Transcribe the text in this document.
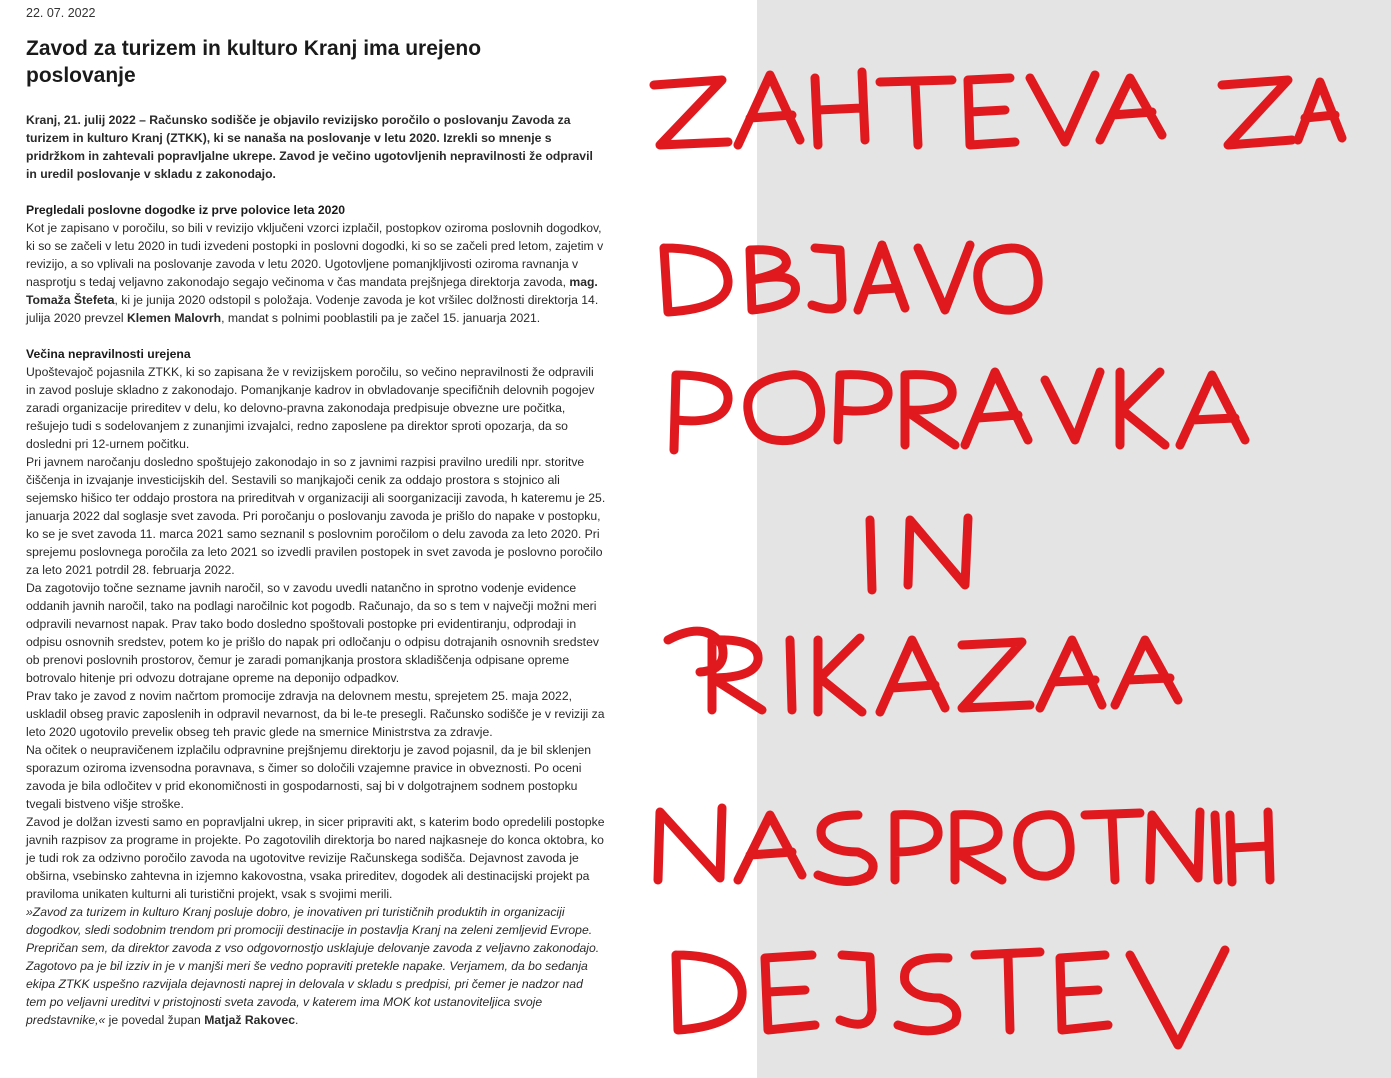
22. 07. 2022
Zavod za turizem in kulturo Kranj ima urejeno poslovanje

Kranj, 21. julij 2022 – Računsko sodišče je objavilo revizijsko poročilo o poslovanju Zavoda za turizem in kulturo Kranj (ZTKK), ki se nanaša na poslovanje v letu 2020. Izrekli so mnenje s pridržkom in zahtevali popravljalne ukrepe. Zavod je večino ugotovljenih nepravilnosti že odpravil in uredil poslovanje v skladu z zakonodajo.

Pregledali poslovne dogodke iz prve polovice leta 2020

Kot je zapisano v poročilu, so bili v revizijo vključeni vzorci izplačil, postopkov oziroma poslovnih dogodkov, ki so se začeli v letu 2020 in tudi izvedeni postopki in poslovni dogodki, ki so se začeli pred letom, zajetim v revizijo, a so vplivali na poslovanje zavoda v letu 2020. Ugotovljene pomanjkljivosti oziroma ravnanja v nasprotju s tedaj veljavno zakonodajo segajo večinoma v čas mandata prejšnjega direktorja zavoda, mag. Tomaža Štefeta, ki je junija 2020 odstopil s položaja. Vodenje zavoda je kot vršilec dolžnosti direktorja 14. julija 2020 prevzel Klemen Malovrh, mandat s polnimi pooblastili pa je začel 15. januarja 2021.

Večina nepravilnosti urejena

Upoštevajoč pojasnila ZTKK, ki so zapisana že v revizijskem poročilu, so večino nepravilnosti že odpravili in zavod posluje skladno z zakonodajo. Pomanjkanje kadrov in obvladovanje specifičnih delovnih pogojev zaradi organizacije prireditev v delu, ko delovno-pravna zakonodaja predpisuje obvezne ure počitka, rešujejo tudi s sodelovanjem z zunanjimi izvajalci, redno zaposlene pa direktor sproti opozarja, da so dosledni pri 12-urnem počitku.

Pri javnem naročanju dosledno spoštujejo zakonodajo in so z javnimi razpisi pravilno uredili npr. storitve čiščenja in izvajanje investicijskih del. Sestavili so manjkajoči cenik za oddajo prostora s stojnico ali sejemsko hišico ter oddajo prostora na prireditvah v organizaciji ali soorganizaciji zavoda, h kateremu je 25. januarja 2022 dal soglasje svet zavoda. Pri poročanju o poslovanju zavoda je prišlo do napake v postopku, ko se je svet zavoda 11. marca 2021 samo seznanil s poslovnim poročilom o delu zavoda za leto 2020. Pri sprejemu poslovnega poročila za leto 2021 so izvedli pravilen postopek in svet zavoda je poslovno poročilo za leto 2021 potrdil 28. februarja 2022.

Da zagotovijo točne sezname javnih naročil, so v zavodu uvedli natančno in sprotno vodenje evidence oddanih javnih naročil, tako na podlagi naročilnic kot pogodb. Računajo, da so s tem v največji možni meri odpravili nevarnost napak. Prav tako bodo dosledno spoštovali postopke pri evidentiranju, odprodaji in odpisu osnovnih sredstev, potem ko je prišlo do napak pri odločanju o odpisu dotrajanih osnovnih sredstev ob prenovi poslovnih prostorov, čemur je zaradi pomanjkanja prostora skladiščenja odpisane opreme botrovalo hitenje pri odvozu dotrajane opreme na deponijo odpadkov.

Prav tako je zavod z novim načrtom promocije zdravja na delovnem mestu, sprejetem 25. maja 2022, uskladil obseg pravic zaposlenih in odpravil nevarnost, da bi le-te presegli. Računsko sodišče je v reviziji za leto 2020 ugotovilo preveliк obseg teh pravic glede na smernice Ministrstva za zdravje.

Na očitek o neupravičenem izplačilu odpravnine prejšnjemu direktorju je zavod pojasnil, da je bil sklenjen sporazum oziroma izvensodna poravnava, s čimer so določili vzajemne pravice in obveznosti. Po oceni zavoda je bila odločitev v prid ekonomičnosti in gospodarnosti, saj bi v dolgotrajnem sodnem postopku tvegali bistveno višje stroške.

Zavod je dolžan izvesti samo en popravljalni ukrep, in sicer pripraviti akt, s katerim bodo opredelili postopke javnih razpisov za programe in projekte. Po zagotovilih direktorja bo nared najkasneje do konca oktobra, ko je tudi rok za odzivno poročilo zavoda na ugotovitve revizije Računskega sodišča. Dejavnost zavoda je obširna, vsebinsko zahtevna in izjemno kakovostna, vsaka prireditev, dogodek ali destinacijski projekt pa praviloma unikaten kulturni ali turistični projekt, vsak s svojimi merili.

»Zavod za turizem in kulturo Kranj posluje dobro, je inovativen pri turističnih produktih in organizaciji dogodkov, sledi sodobnim trendom pri promociji destinacije in postavlja Kranj na zeleni zemljevid Evrope. Prepričan sem, da direktor zavoda z vso odgovornostjo usklajuje delovanje zavoda z veljavno zakonodajo. Zagotovo pa je bil izziv in je v manjši meri še vedno popraviti pretekle napake. Verjamem, da bo sedanja ekipa ZTKK uspešno razvijala dejavnosti naprej in delovala v skladu s predpisi, pri čemer je nadzor nad tem po veljavni ureditvi v pristojnosti sveta zavoda, v katerem ima MOK kot ustanoviteljica svoje predstavnike,« je povedal župan Matjaž Rakovec.
